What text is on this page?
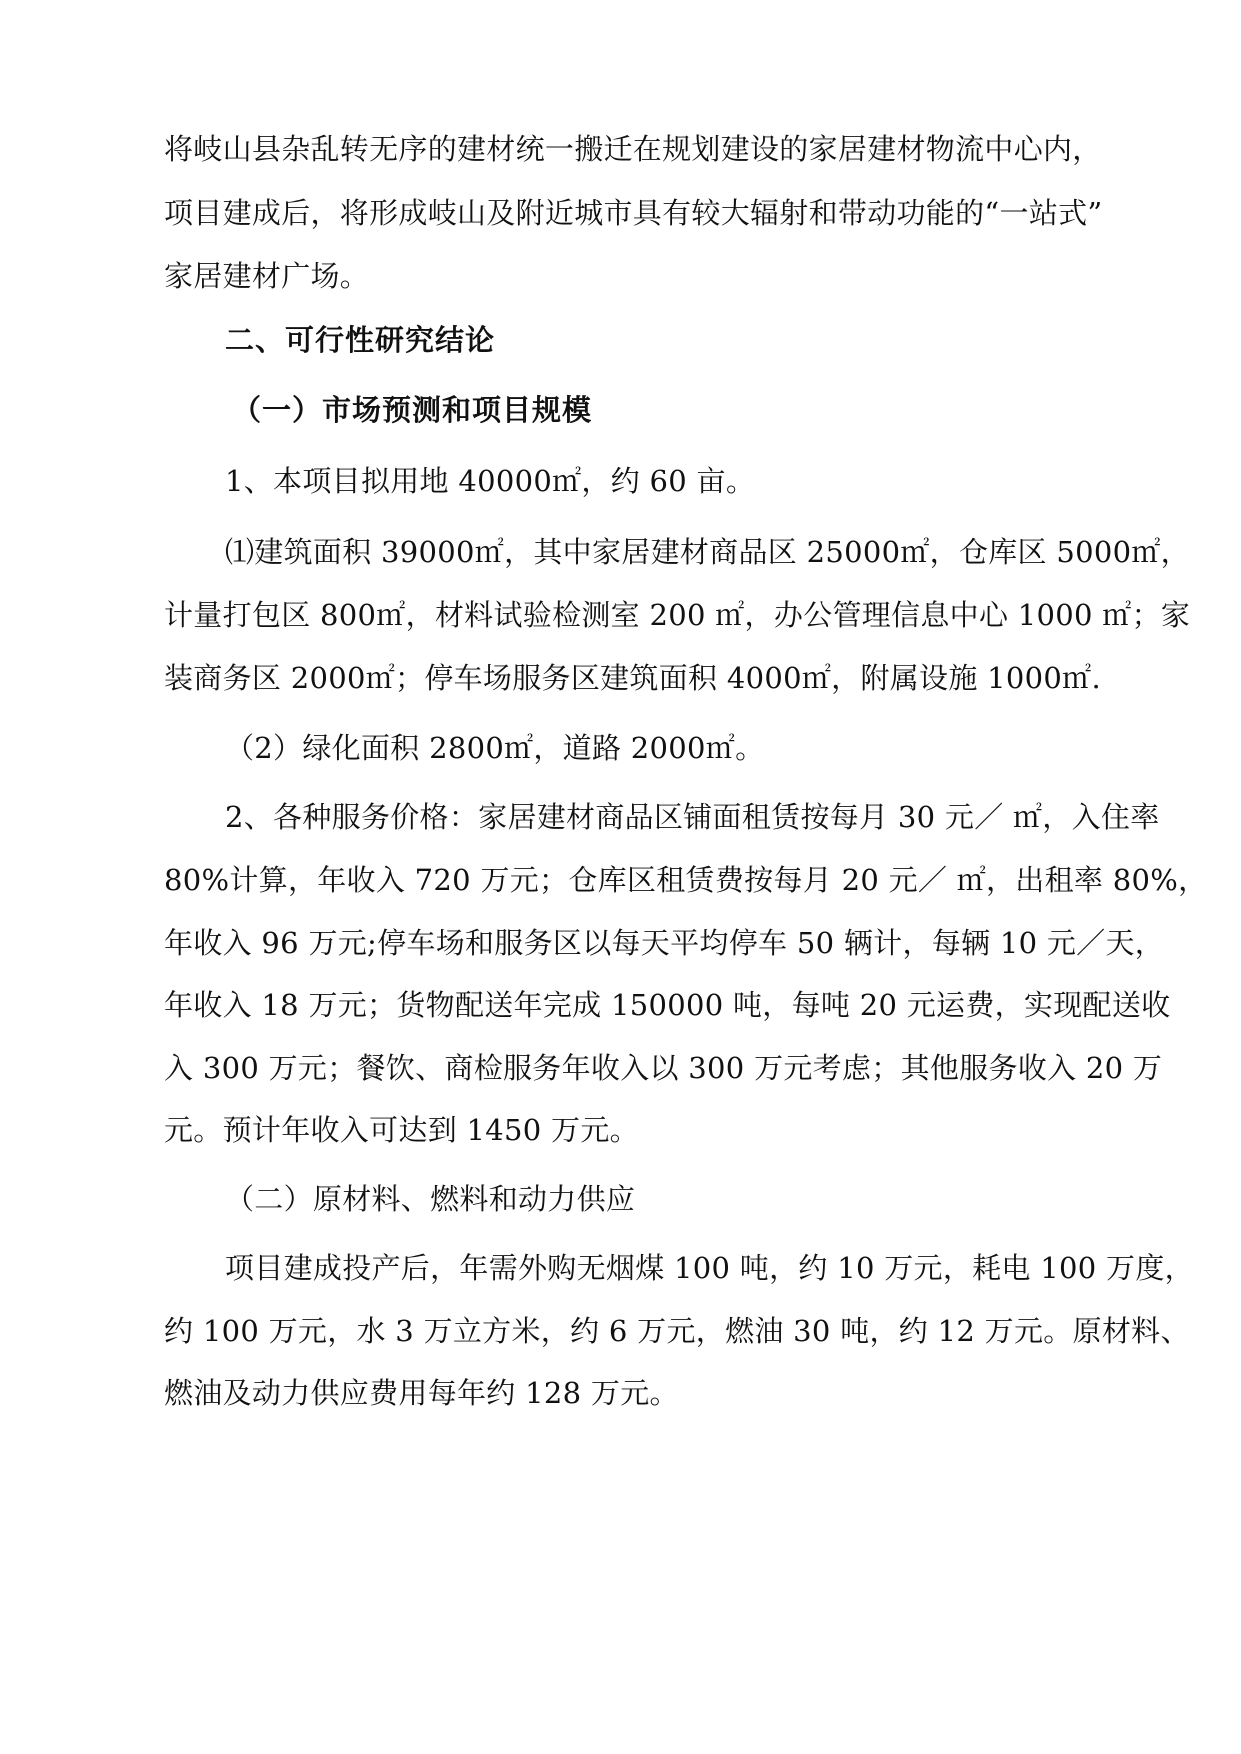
将岐山县杂乱转无序的建材统一搬迁在规划建设的家居建材物流中心内，
项目建成后，将形成岐山及附近城市具有较大辐射和带动功能的“一站式”
家居建材广场。
二、可行性研究结论
（一）市场预测和项目规模
1、本项目拟用地 40000㎡，约 60 亩。
⑴建筑面积 39000㎡，其中家居建材商品区 25000㎡，仓库区 5000㎡，
计量打包区 800㎡，材料试验检测室 200 ㎡，办公管理信息中心 1000 ㎡；家
装商务区 2000㎡；停车场服务区建筑面积 4000㎡，附属设施 1000㎡.
（2）绿化面积 2800㎡，道路 2000㎡。
2、各种服务价格：家居建材商品区铺面租赁按每月 30 元／ ㎡，入住率
80%计算，年收入 720 万元；仓库区租赁费按每月 20 元／ ㎡，出租率 80%，
年收入 96 万元;停车场和服务区以每天平均停车 50 辆计，每辆 10 元／天，
年收入 18 万元；货物配送年完成 150000 吨，每吨 20 元运费，实现配送收
入 300 万元；餐饮、商检服务年收入以 300 万元考虑；其他服务收入 20 万
元。预计年收入可达到 1450 万元。
（二）原材料、燃料和动力供应
项目建成投产后，年需外购无烟煤 100 吨，约 10 万元，耗电 100 万度，
约 100 万元，水 3 万立方米，约 6 万元，燃油 30 吨，约 12 万元。原材料、
燃油及动力供应费用每年约 128 万元。
